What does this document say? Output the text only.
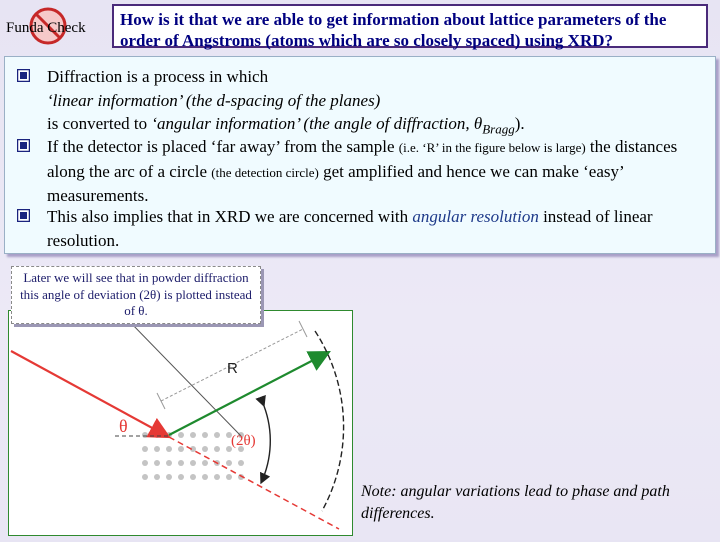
Funda Check	How is it that we are able to get information about lattice parameters of the order of Angstroms (atoms which are so closely spaced) using XRD?
Diffraction is a process in which
‘linear information’ (the d-spacing of the planes)
is converted to ‘angular information’ (the angle of diffraction, $\theta_{Bragg}$).
If the detector is placed ‘far away’ from the sample (i.e. ‘R’ in the figure below is large) the distances along the arc of a circle (the detection circle) get amplified and hence we can make ‘easy’ measurements.
This also implies that in XRD we are concerned with angular resolution instead of linear resolution.
R
θ
(2θ)
Later we will see that in powder diffraction this angle of deviation (2θ) is plotted instead of θ.
Note: angular variations lead to phase and path differences.
